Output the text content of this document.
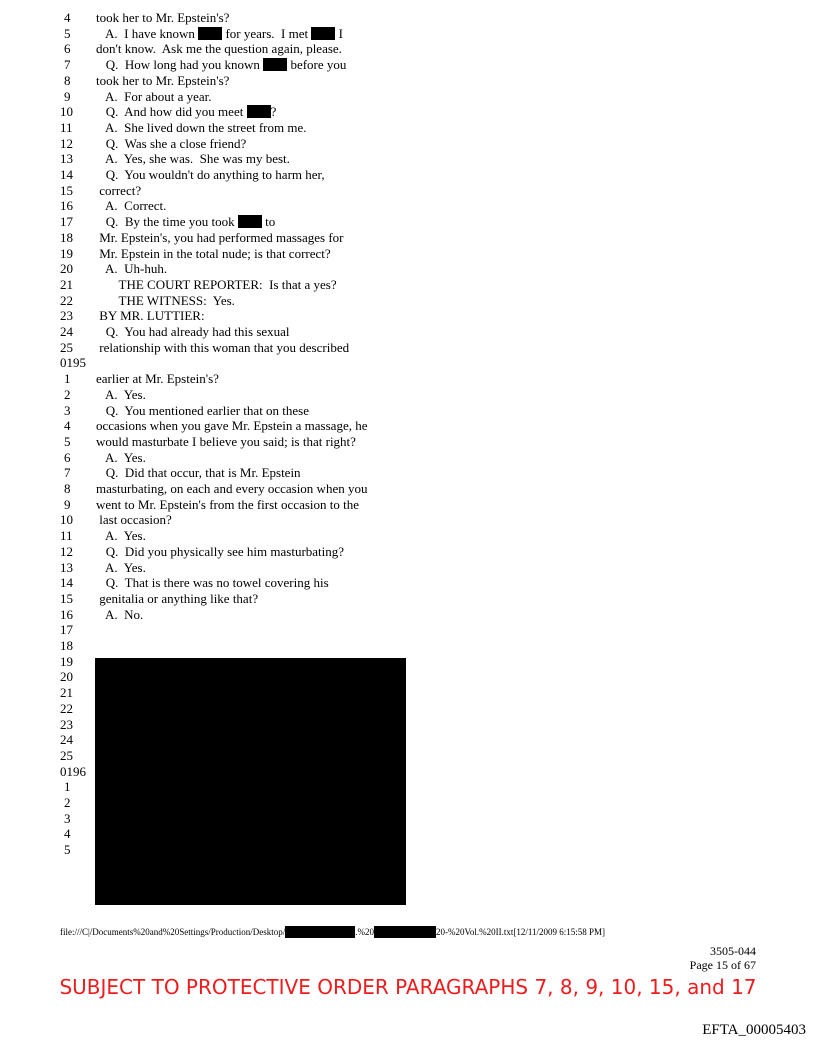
4	took her to Mr. Epstein's?
5	A.  I have known  for years.  I met  I
6	don't know.  Ask me the question again, please.
7	Q.  How long had you known  before you
8	took her to Mr. Epstein's?
9	A.  For about a year.
10	Q.  And how did you meet ?
11	A.  She lived down the street from me.
12	Q.  Was she a close friend?
13	A.  Yes, she was.  She was my best.
14	Q.  You wouldn't do anything to harm her,
15	correct?
16	A.  Correct.
17	Q.  By the time you took  to
18	Mr. Epstein's, you had performed massages for
19	Mr. Epstein in the total nude; is that correct?
20	A.  Uh-huh.
21	THE COURT REPORTER:  Is that a yes?
22	THE WITNESS:  Yes.
23	BY MR. LUTTIER:
24	Q.  You had already had this sexual
25	relationship with this woman that you described
0195
1	earlier at Mr. Epstein's?
2	A.  Yes.
3	Q.  You mentioned earlier that on these
4	occasions when you gave Mr. Epstein a massage, he
5	would masturbate I believe you said; is that right?
6	A.  Yes.
7	Q.  Did that occur, that is Mr. Epstein
8	masturbating, on each and every occasion when you
9	went to Mr. Epstein's from the first occasion to the
10	last occasion?
11	A.  Yes.
12	Q.  Did you physically see him masturbating?
13	A.  Yes.
14	Q.  That is there was no towel covering his
15	genitalia or anything like that?
16	A.  No.
17
18
19
20
21
22
23
24
25
0196
1
2
3
4
5
file:///C|/Documents%20and%20Settings/Production/Desktop/	.%20	20-%20Vol.%20II.txt[12/11/2009 6:15:58 PM]
3505-044
Page 15 of 67
SUBJECT TO PROTECTIVE ORDER PARAGRAPHS 7, 8, 9, 10, 15, and 17
EFTA_00005403
